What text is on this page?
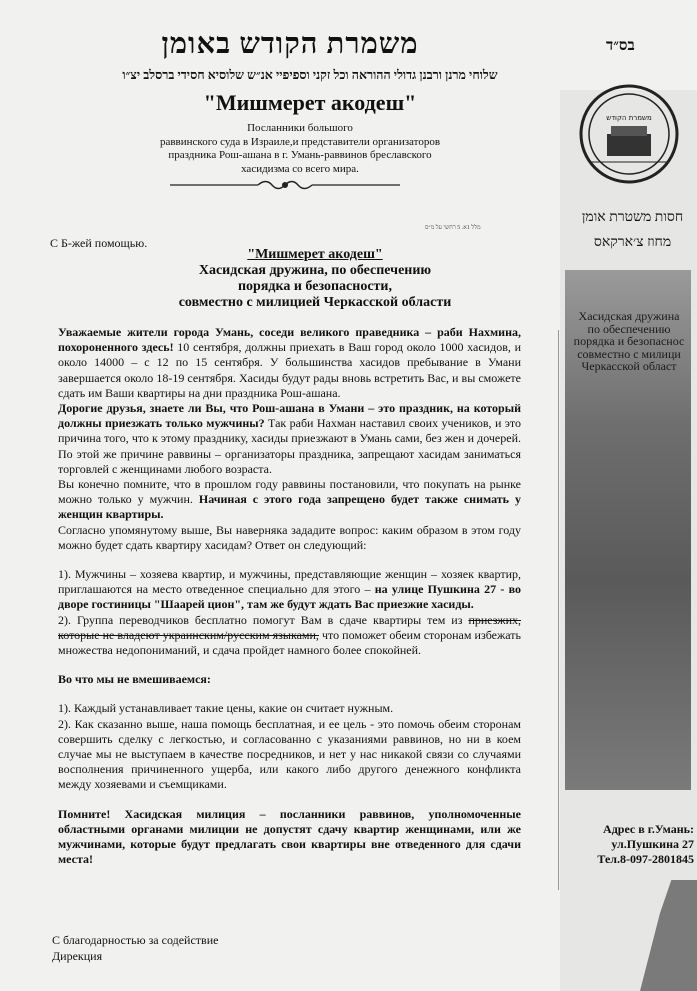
משמרת הקודש באומן	בס״ד
שלוחי מרנן ורבנן גדולי ההוראה וכל זקני וספיפיי אנ״ש שלוסיא חסידי ברסלב יצ״ו
"Мишмерет акодеш"
Посланники большого
раввинского суда в Израиле,и представители организаторов
праздника Рош-ашана в г. Умань-раввинов бреславского
хасидизма со всего мира.
מלל 1א. 5 רחשי על מ״ס
С Б-жей помощью.
"Мишмерет акодеш"
Хасидская дружина, по обеспечению
порядка и безопасности,
совместно с милицией Черкасской области

Уважаемые жители города Умань, соседи великого праведника – раби Нахмина, похороненного здесь! 10 сентября, должны приехать в Ваш город около 1000 хасидов, и около 14000 – с 12 по 15 сентября. У большинства хасидов пребывание в Умани завершается около 18-19 сентября. Хасиды будут рады вновь встретить Вас, и вы сможете сдать им Ваши квартиры на дни праздника Рош-ашана.

Дорогие друзья, знаете ли Вы, что Рош-ашана в Умани – это праздник, на который должны приезжать только мужчины? Так раби Нахман наставил своих учеников, и это причина того, что к этому празднику, хасиды приезжают в Умань сами, без жен и дочерей. По этой же причине раввины – организаторы праздника, запрещают хасидам заниматься торговлей с женщинами любого возраста.

Вы конечно помните, что в прошлом году раввины постановили, что покупать на рынке можно только у мужчин. Начиная с этого года запрещено будет также снимать у женщин квартиры.

Согласно упомянутому выше, Вы наверняка зададите вопрос: каким образом в этом году можно будет сдать квартиру хасидам? Ответ он следующий:

1). Мужчины – хозяева квартир, и мужчины, представляющие женщин – хозяек квартир, приглашаются на место отведенное специально для этого – на улице Пушкина 27 - во дворе гостиницы "Шаарей цион", там же будут ждать Вас приезжие хасиды.

2). Группа переводчиков бесплатно помогут Вам в сдаче квартиры тем из приезжих, которые не владеют украинским/русским языками, что поможет обеим сторонам избежать множества недопониманий, и сдача пройдет намного более спокойней.

Во что мы не вмешиваемся:

1). Каждый устанавливает такие цены, какие он считает нужным.

2). Как сказанно выше, наша помощь бесплатная, и ее цель - это помочь обеим сторонам совершить сделку с легкостью, и согласованно с указаниями раввинов, но ни в коем случае мы не выступаем в качестве посредников, и нет у нас никакой связи со случаями восполнения причиненного ущерба, или какого либо другого денежного конфликта между хозяевами и съемщиками.

Помните! Хасидская милиция – посланники раввинов, уполномоченные областными органами милиции не допустят сдачу квартир женщинами, или же мужчинами, которые будут предлагать свои квартиры вне отведенного для сдачи места!

С благодарностью за содействие
Дирекция
משמרת הקודש
חסות משטרת אומן
מחוז צ׳ארקאס
Хасидская дружина
по обеспечению
порядка и безопаснос
совместно с милици
Черкасской област
Адрес в г.Умань:
ул.Пушкина 27
Тел.8-097-2801845
